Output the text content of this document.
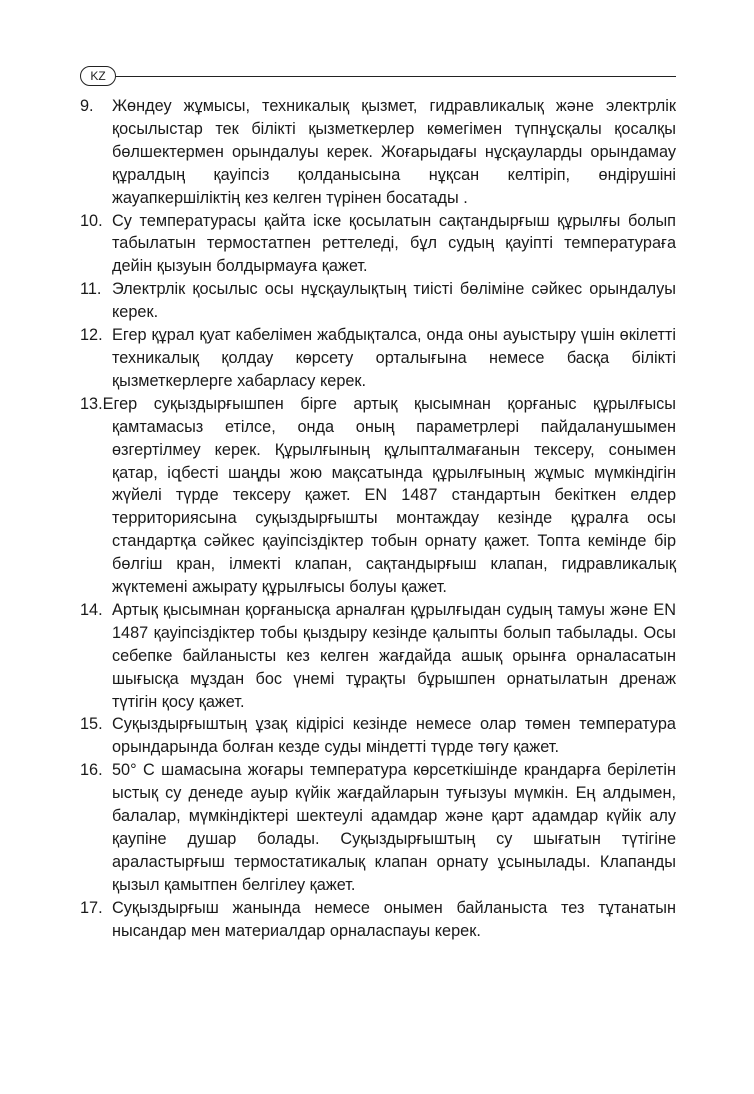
KZ
9. Жөндеу жұмысы, техникалық қызмет, гидравликалық және электрлік қосылыстар тек білікті қызметкерлер көмегімен түпнұсқалы қосалқы бөлшектермен орындалуы керек. Жоғарыдағы нұсқауларды орындамау құралдың қауіпсіз қолданысына нұқсан келтіріп, өндірушіні жауапкершіліктің кез келген түрінен босатады .
10. Су температурасы қайта іске қосылатын сақтандырғыш құрылғы болып табылатын термостатпен реттеледі, бұл судың қауіпті температураға дейін қызуын болдырмауға қажет.
11. Электрлік қосылыс осы нұсқаулықтың тиісті бөліміне сәйкес орындалуы керек.
12. Егер құрал қуат кабелімен жабдықталса, онда оны ауыстыру үшін өкілетті техникалық қолдау көрсету орталығына немесе басқа білікті қызметкерлерге хабарласу керек.
13.Егер суқыздырғышпен бірге артық қысымнан қорғаныс құрылғысы
қамтамасыз етілсе, онда оның параметрлері пайдаланушымен өзгертілмеу керек. Құрылғының құлыпталмағанын тексеру, сонымен қатар, іզбесті шаңды жою мақсатында құрылғының жұмыс мүмкіндігін жүйелі түрде тексеру қажет. EN 1487 стандартын бекіткен елдер территориясына суқыздырғышты монтаждау кезінде құралға осы стандартқа сәйкес қауіпсіздіктер тобын орнату қажет. Топта кемінде бір бөлгіш кран, ілмекті клапан, сақтандырғыш клапан, гидравликалық жүктемені ажырату құрылғысы болуы қажет.
14. Артық қысымнан қорғанысқа арналған құрылғыдан судың тамуы және EN 1487 қауіпсіздіктер тобы қыздыру кезінде қалыпты болып табылады. Осы себепке байланысты кез келген жағдайда ашық орынға орналасатын шығысқа мұздан бос үнемі тұрақты бұрышпен орнатылатын дренаж түтігін қосу қажет.
15. Суқыздырғыштың ұзақ кідірісі кезінде немесе олар төмен температура орындарында болған кезде суды міндетті түрде төгу қажет.
16. 50° С шамасына жоғары температура көрсеткішінде крандарға берілетін ыстық су денеде ауыр күйік жағдайларын туғызуы мүмкін. Ең алдымен, балалар, мүмкіндіктері шектеулі адамдар және қарт адамдар күйік алу қаупіне душар болады. Суқыздырғыштың су шығатын түтігіне араластырғыш термостатикалық клапан орнату ұсынылады. Клапанды қызыл қамытпен белгілеу қажет.
17. Суқыздырғыш жанында немесе онымен байланыста тез тұтанатын нысандар мен материалдар орналаспауы керек.
